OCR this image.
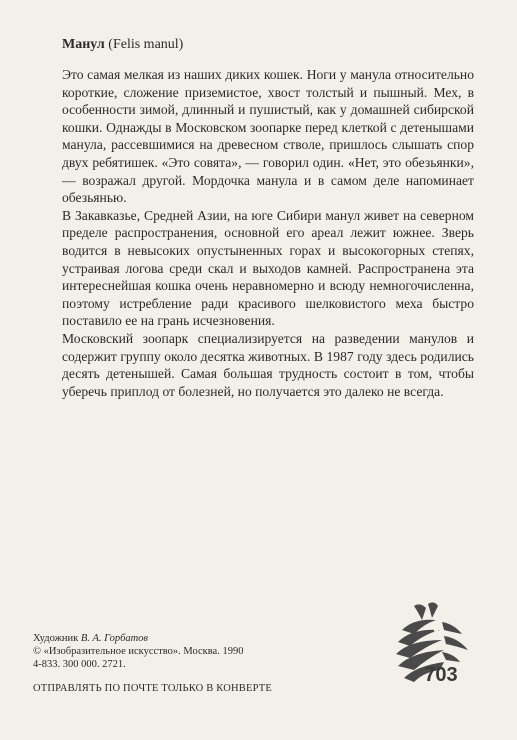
Манул (Felis manul)

Это самая мелкая из наших диких кошек. Ноги у манула относительно короткие, сложение приземистое, хвост толстый и пышный. Мех, в особенности зимой, длинный и пушистый, как у домашней сибирской кошки. Однажды в Московском зоопарке перед клеткой с детенышами манула, рассевшимися на древесном стволе, пришлось слышать спор двух ребятишек. «Это совята», — говорил один. «Нет, это обезьянки», — возражал другой. Мордочка манула и в самом деле напоминает обезьянью.

В Закавказье, Средней Азии, на юге Сибири манул живет на северном пределе распространения, основной его ареал лежит южнее. Зверь водится в невысоких опустыненных горах и высокогорных степях, устраивая логова среди скал и выходов камней. Распространена эта интереснейшая кошка очень неравномерно и всюду немногочисленна, поэтому истребление ради красивого шелковистого меха быстро поставило ее на грань исчезновения.

Московский зоопарк специализируется на разведении манулов и содержит группу около десятка животных. В 1987 году здесь родились десять детенышей. Самая большая трудность состоит в том, чтобы уберечь приплод от болезней, но получается это далеко не всегда.

Художник В. А. Горбатов
© «Изобразительное искусство». Москва. 1990
4-833. 300 000. 2721.
ОТПРАВЛЯТЬ ПО ПОЧТЕ ТОЛЬКО В КОНВЕРТЕ
703
